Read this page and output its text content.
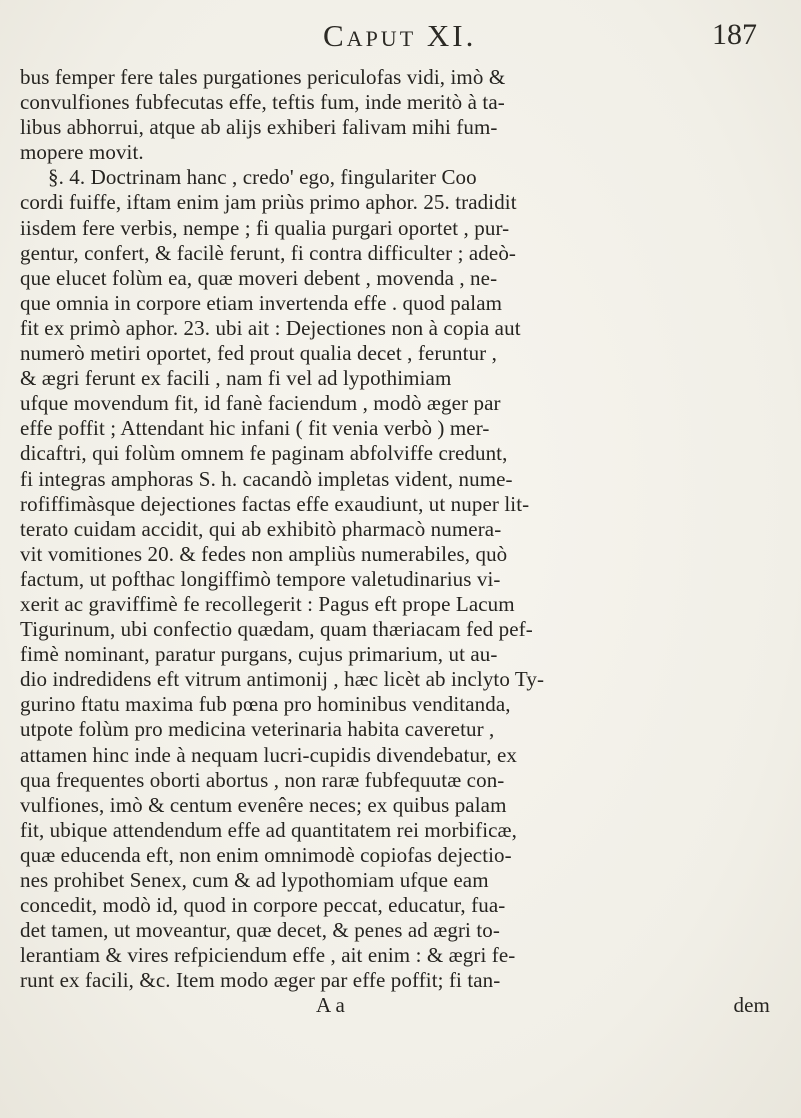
Caput XI.	187
bus femper fere tales purgationes periculofas vidi, imò &
convulfiones fubfecutas effe, teftis fum, inde meritò à ta-
libus abhorrui, atque ab alijs exhiberi falivam mihi fum-
mopere movit.
§. 4. Doctrinam hanc , credo' ego, fingulariter Coo
cordi fuiffe, iftam enim jam priùs primo aphor. 25. tradidit
iisdem fere verbis, nempe ; fi qualia purgari oportet , pur-
gentur, confert, & facilè ferunt, fi contra difficulter ; adeò-
que elucet folùm ea, quæ moveri debent , movenda , ne-
que omnia in corpore etiam invertenda effe . quod palam
fit ex primò aphor. 23. ubi ait : Dejectiones non à copia aut
numerò metiri oportet, fed prout qualia decet , feruntur ,
& ægri ferunt ex facili , nam fi vel ad lypothimiam
ufque movendum fit, id fanè faciendum , modò æger par
effe poffit ; Attendant hic infani ( fit venia verbò ) mer-
dicaftri, qui folùm omnem fe paginam abfolviffe credunt,
fi integras amphoras S. h. cacandò impletas vident, nume-
rofiffimàsque dejectiones factas effe exaudiunt, ut nuper lit-
terato cuidam accidit, qui ab exhibitò pharmacò numera-
vit vomitiones 20. & fedes non ampliùs numerabiles, quò
factum, ut pofthac longiffimò tempore valetudinarius vi-
xerit ac graviffimè fe recollegerit : Pagus eft prope Lacum
Tigurinum, ubi confectio quædam, quam thæriacam fed pef-
fimè nominant, paratur purgans, cujus primarium, ut au-
dio indredidens eft vitrum antimonij , hæc licèt ab inclyto Ty-
gurino ftatu maxima fub pœna pro hominibus venditanda,
utpote folùm pro medicina veterinaria habita caveretur ,
attamen hinc inde à nequam lucri-cupidis divendebatur, ex
qua frequentes oborti abortus , non raræ fubfequutæ con-
vulfiones, imò & centum evenêre neces; ex quibus palam
fit, ubique attendendum effe ad quantitatem rei morbificæ,
quæ educenda eft, non enim omnimodè copiofas dejectio-
nes prohibet Senex, cum & ad lypothomiam ufque eam
concedit, modò id, quod in corpore peccat, educatur, fua-
det tamen, ut moveantur, quæ decet, & penes ad ægri to-
lerantiam & vires refpiciendum effe , ait enim : & ægri fe-
runt ex facili, &c. Item modo æger par effe poffit; fi tan-
A a	dem
